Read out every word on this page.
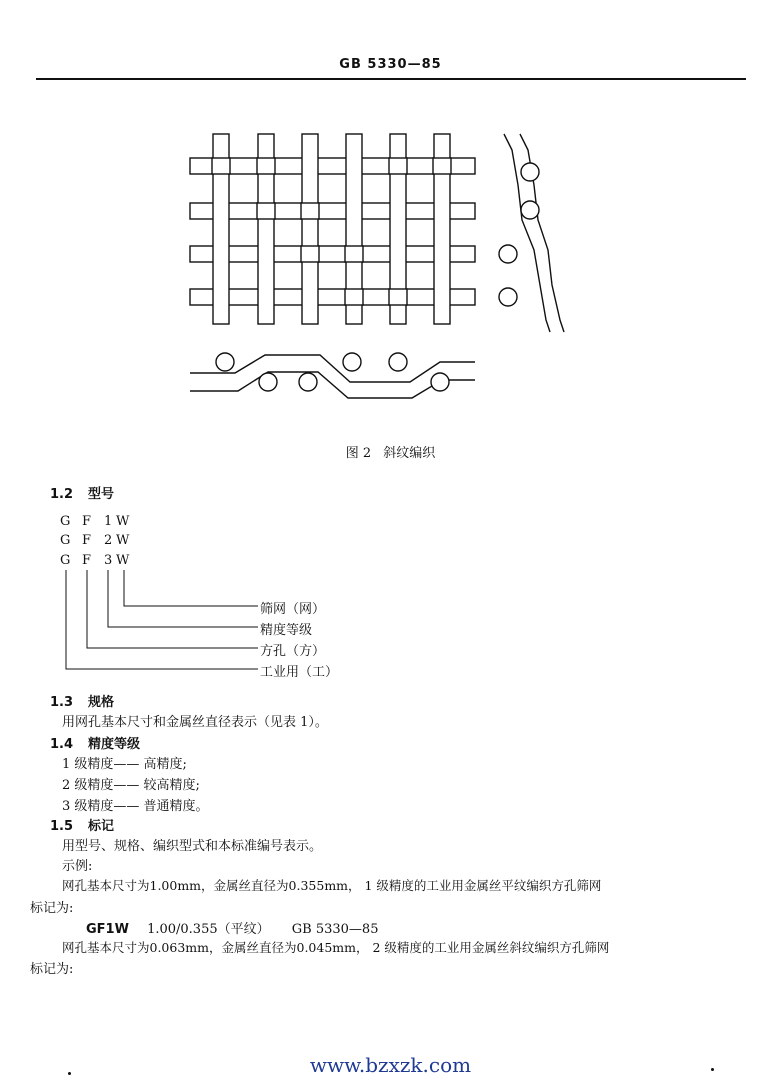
GB 5330—85
图 2 斜纹编织
1.2 型号
G F 1 W
G F 2 W
G F 3 W
筛网（网）
精度等级
方孔（方）
工业用（工）
1.3 规格
用网孔基本尺寸和金属丝直径表示（见表 1）。
1.4 精度等级
1 级精度—— 高精度;
2 级精度—— 较高精度;
3 级精度—— 普通精度。
1.5 标记
用型号、规格、编织型式和本标准编号表示。
示例:
网孔基本尺寸为1.00mm，金属丝直径为0.355mm， 1 级精度的工业用金属丝平纹编织方孔筛网
标记为:
GF1W 1.00/0.355（平纹） GB 5330—85
网孔基本尺寸为0.063mm，金属丝直径为0.045mm， 2 级精度的工业用金属丝斜纹编织方孔筛网
标记为:
www.bzxzk.com
